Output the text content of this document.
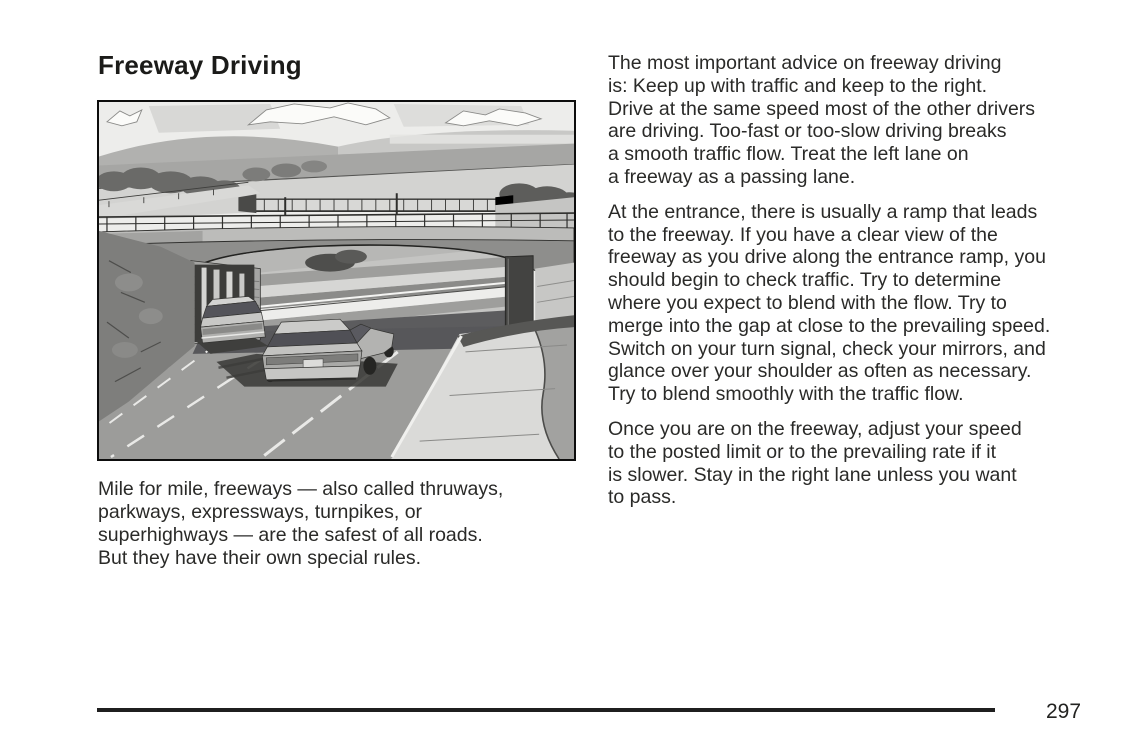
Freeway Driving
Mile for mile, freeways — also called thruways,
parkways, expressways, turnpikes, or
superhighways — are the safest of all roads.
But they have their own special rules.
The most important advice on freeway driving
is: Keep up with traffic and keep to the right.
Drive at the same speed most of the other drivers
are driving. Too-fast or too-slow driving breaks
a smooth traffic flow. Treat the left lane on
a freeway as a passing lane.
At the entrance, there is usually a ramp that leads
to the freeway. If you have a clear view of the
freeway as you drive along the entrance ramp, you
should begin to check traffic. Try to determine
where you expect to blend with the flow. Try to
merge into the gap at close to the prevailing speed.
Switch on your turn signal, check your mirrors, and
glance over your shoulder as often as necessary.
Try to blend smoothly with the traffic flow.
Once you are on the freeway, adjust your speed
to the posted limit or to the prevailing rate if it
is slower. Stay in the right lane unless you want
to pass.
297
